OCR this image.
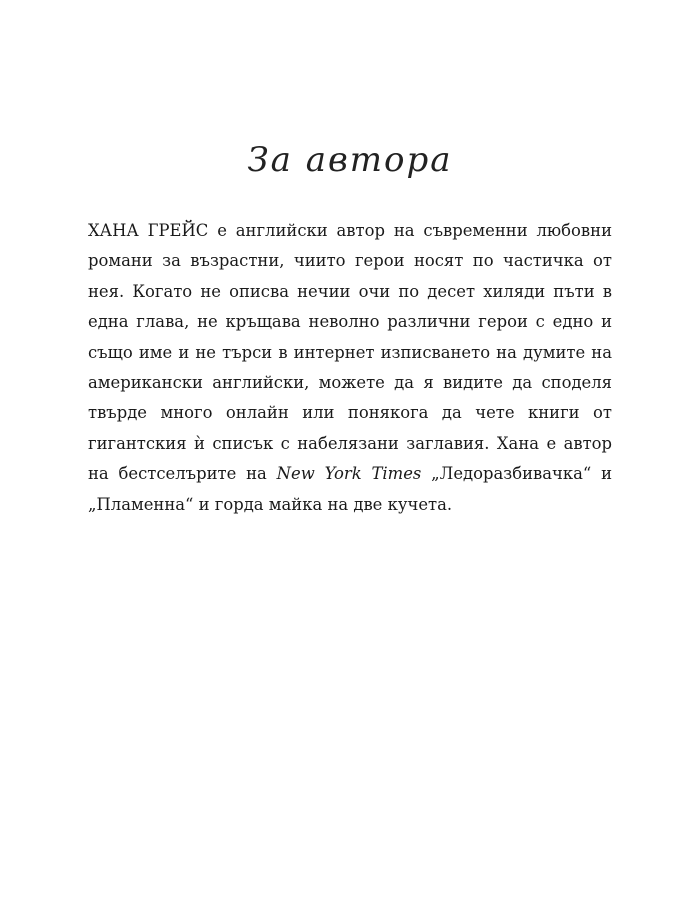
За автора

ХАНА ГРЕЙС е английски автор на съвременни любовни романи за възрастни, чиито герои носят по частичка от нея. Когато не описва нечии очи по десет хиляди пъти в една глава, не кръщава неволно различни герои с едно и също име и не търси в интернет изписването на думите на американски английски, можете да я видите да споделя твърде много онлайн или понякога да чете книги от гигантския ѝ списък с набелязани заглавия. Хана е автор на бестселърите на New York Times „Ледоразбивачка“ и „Пламенна“ и горда майка на две кучета.
